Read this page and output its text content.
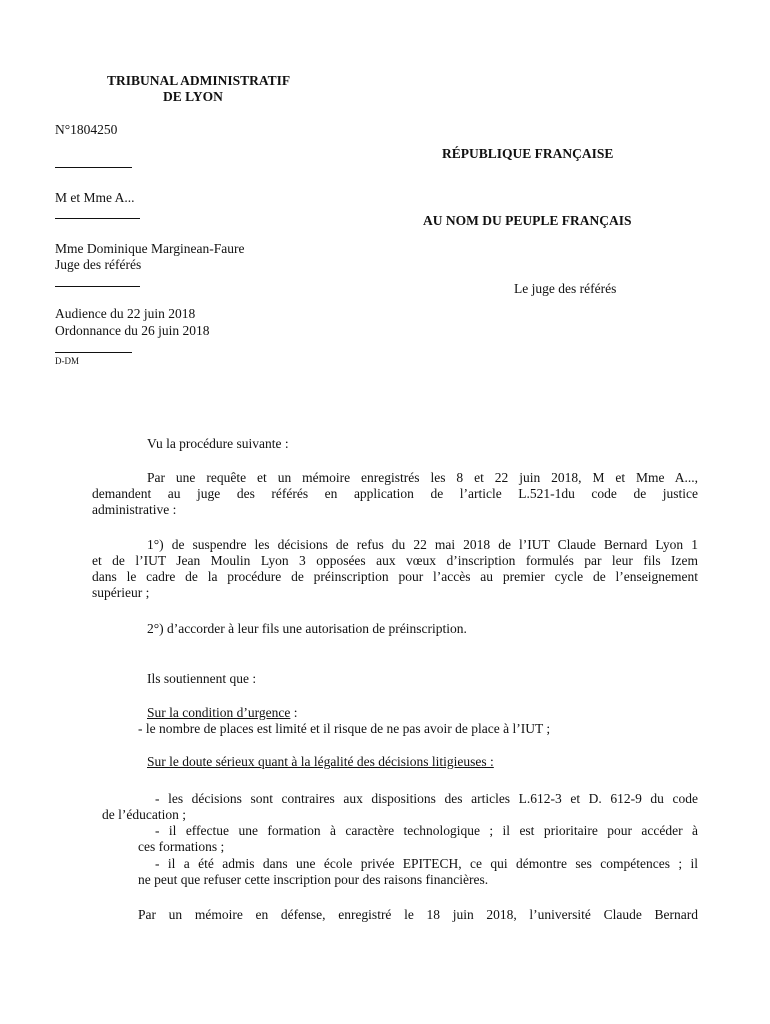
TRIBUNAL ADMINISTRATIF
DE LYON
N°1804250
RÉPUBLIQUE FRANÇAISE
M et Mme A...
AU NOM DU PEUPLE FRANÇAIS
Mme Dominique Marginean-Faure
Juge des référés
Le juge des référés
Audience du 22 juin 2018
Ordonnance du 26 juin 2018
D-DM
Vu la procédure suivante :
Par une requête et un mémoire enregistrés les 8 et 22 juin 2018, M et Mme A...,
demandent au juge des référés en application de l’article L.521-1du code de justice
administrative :
1°) de suspendre les décisions de refus du 22 mai 2018 de l’IUT Claude Bernard Lyon 1
et de l’IUT Jean Moulin Lyon 3 opposées aux vœux d’inscription formulés par leur fils Izem
dans le cadre de la procédure de préinscription pour l’accès au premier cycle de l’enseignement
supérieur ;
2°) d’accorder à leur fils une autorisation de préinscription.
Ils soutiennent que :
Sur la condition d’urgence :
- le nombre de places est limité et il risque de ne pas avoir de place à l’IUT ;
Sur le doute sérieux quant à la légalité des décisions litigieuses :
- les décisions sont contraires aux dispositions des articles L.612-3 et D. 612-9 du code
de l’éducation ;
- il effectue une formation à caractère technologique ; il est prioritaire pour accéder à
ces formations ;
- il a été admis dans une école privée EPITECH, ce qui démontre ses compétences ; il
ne peut que refuser cette inscription pour des raisons financières.
Par un mémoire en défense, enregistré le 18 juin 2018, l’université Claude Bernard
